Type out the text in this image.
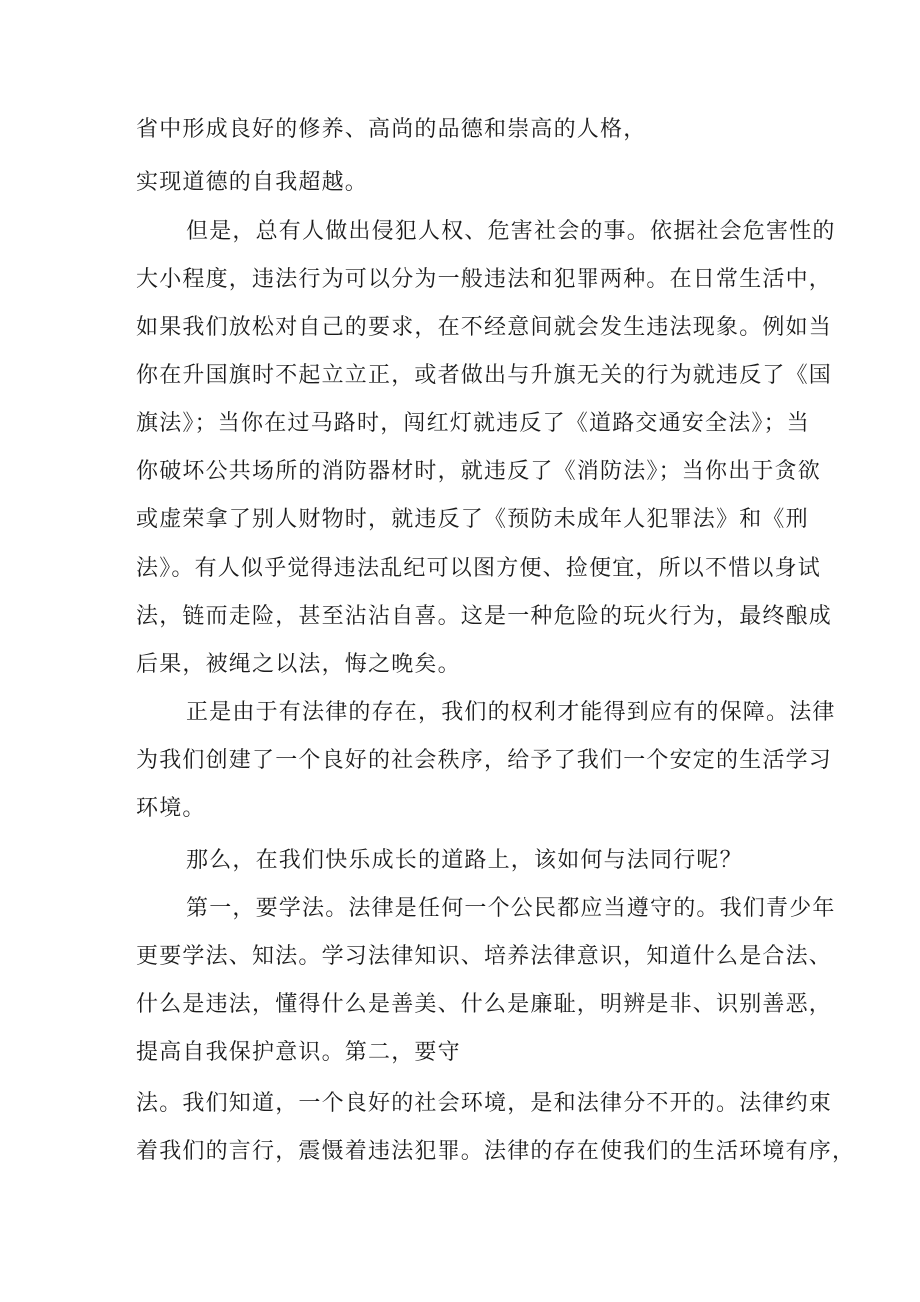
省中形成良好的修养、高尚的品德和崇高的人格，
实现道德的自我超越。
但是，总有人做出侵犯人权、危害社会的事。依据社会危害性的
大小程度，违法行为可以分为一般违法和犯罪两种。在日常生活中，
如果我们放松对自己的要求，在不经意间就会发生违法现象。例如当
你在升国旗时不起立立正，或者做出与升旗无关的行为就违反了《国
旗法》；当你在过马路时，闯红灯就违反了《道路交通安全法》；当
你破坏公共场所的消防器材时，就违反了《消防法》；当你出于贪欲
或虚荣拿了别人财物时，就违反了《预防未成年人犯罪法》和《刑
法》。有人似乎觉得违法乱纪可以图方便、捡便宜，所以不惜以身试
法，链而走险，甚至沾沾自喜。这是一种危险的玩火行为，最终酿成
后果，被绳之以法，悔之晚矣。
正是由于有法律的存在，我们的权利才能得到应有的保障。法律
为我们创建了一个良好的社会秩序，给予了我们一个安定的生活学习
环境。
那么，在我们快乐成长的道路上，该如何与法同行呢？
第一，要学法。法律是任何一个公民都应当遵守的。我们青少年
更要学法、知法。学习法律知识、培养法律意识，知道什么是合法、
什么是违法，懂得什么是善美、什么是廉耻，明辨是非、识别善恶，
提高自我保护意识。第二，要守
法。我们知道，一个良好的社会环境，是和法律分不开的。法律约束
着我们的言行，震慑着违法犯罪。法律的存在使我们的生活环境有序，
